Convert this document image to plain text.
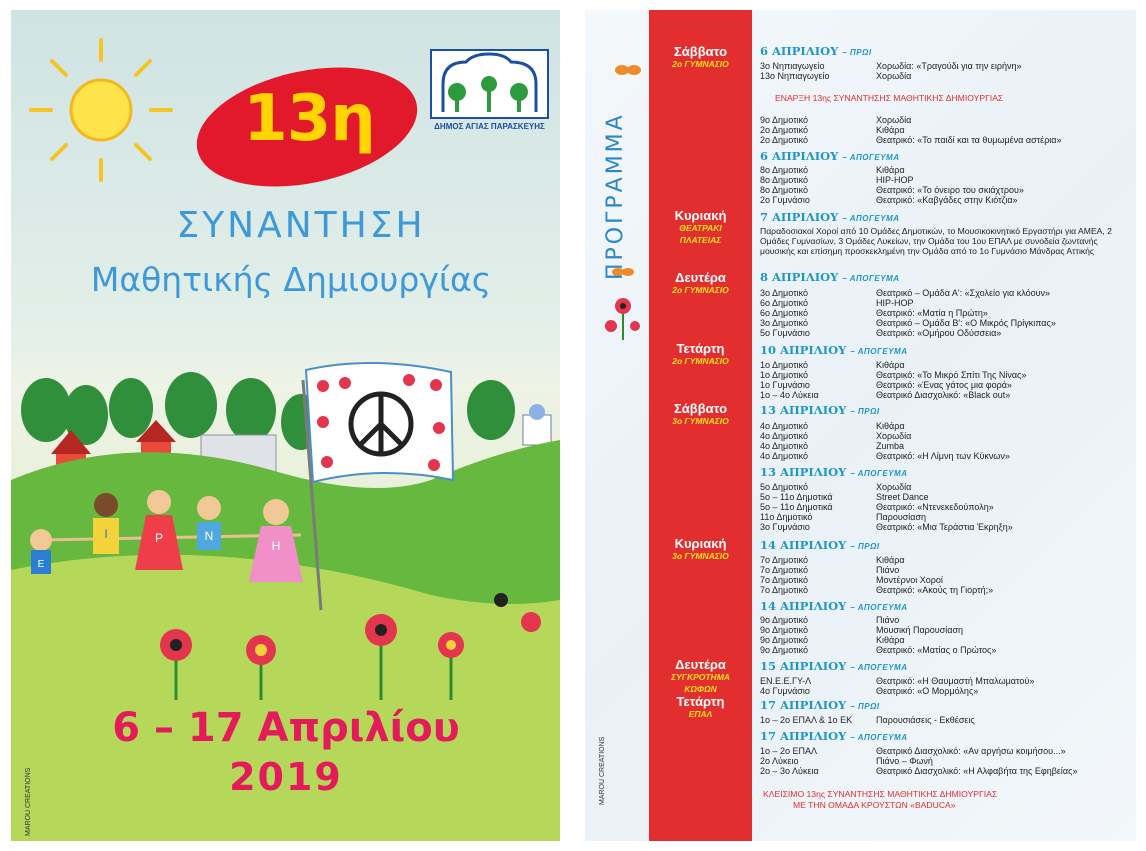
Ε
Ι	Ρ	Ν
Η
13η
ΣΥΝΑΝΤΗΣΗ
Μαθητικής Δημιουργίας
6 – 17 Απριλίου
2019
ΔΗΜΟΣ ΑΓΙΑΣ ΠΑΡΑΣΚΕΥΗΣ
MAROU CREATIONS
ΠΡΟΓΡΑΜΜΑ
MAROU CREATIONS
Σάββατο
2ο ΓΥΜΝΑΣΙΟ
Κυριακή
ΘΕΑΤΡΑΚΙ ΠΛΑΤΕΙΑΣ
Δευτέρα
2ο ΓΥΜΝΑΣΙΟ
Τετάρτη
2ο ΓΥΜΝΑΣΙΟ
Σάββατο
3ο ΓΥΜΝΑΣΙΟ
Κυριακή
3ο ΓΥΜΝΑΣΙΟ
Δευτέρα
ΣΥΓΚΡΟΤΗΜΑ ΚΩΦΩΝ
Τετάρτη
ΕΠΑΛ
6 ΑΠΡΙΛΙΟΥ – ΠΡΩΙ
3ο Νηπιαγωγείο	Χορωδία: «Τραγούδι για την ειρήνη»
13ο Νηπιαγωγείο	Χορωδία
ΕΝΑΡΞΗ 13ης ΣΥΝΑΝΤΗΣΗΣ ΜΑΘΗΤΙΚΗΣ ΔΗΜΙΟΥΡΓΙΑΣ
9ο Δημοτικό	Χορωδία
2ο Δημοτικό	Κιθάρα
2ο Δημοτικό	Θεατρικό: «Το παιδί και τα θυμωμένα αστέρια»
6 ΑΠΡΙΛΙΟΥ – ΑΠΟΓΕΥΜΑ
8ο Δημοτικό	Κιθάρα
8ο Δημοτικό	HIP-HOP
8ο Δημοτικό	Θεατρικό: «Το όνειρο του σκιάχτρου»
2ο Γυμνάσιο	Θεατρικό: «Καβγάδες στην Κιότζια»
7 ΑΠΡΙΛΙΟΥ – ΑΠΟΓΕΥΜΑ
Παραδοσιακοί Χοροί από 10 Ομάδες Δημοτικών, το Μουσικοκινητικό Εργαστήρι για ΑΜΕΑ, 2 Ομάδες Γυμνασίων, 3 Ομάδες Λυκείων, την Ομάδα του 1ου ΕΠΑΛ με συνοδεία ζωντανής μουσικής και επίσημη προσκεκλημένη την Ομάδα από το 1ο Γυμνάσιο Μάνδρας Αττικής
8 ΑΠΡΙΛΙΟΥ – ΑΠΟΓΕΥΜΑ
3ο Δημοτικό	Θεατρικό – Ομάδα Α': «Σχολείο για κλόουν»
6ο Δημοτικό	HIP-HOP
6ο Δημοτικό	Θεατρικό: «Ματία η Πρώτη»
3ο Δημοτικό	Θεατρικό – Ομάδα Β': «Ο Μικρός Πρίγκιπας»
5ο Γυμνάσιο	Θεατρικό: «Ομήρου Οδύσσεια»
10 ΑΠΡΙΛΙΟΥ – ΑΠΟΓΕΥΜΑ
1ο Δημοτικό	Κιθάρα
1ο Δημοτικό	Θεατρικό: «Το Μικρό Σπίτι Της Νίνας»
1ο Γυμνάσιο	Θεατρικό: «Ένας γάτος μια φορά»
1ο – 4ο Λύκεια	Θεατρικό Διασχολικό: «Black out»
13 ΑΠΡΙΛΙΟΥ – ΠΡΩΙ
4ο Δημοτικό	Κιθάρα
4ο Δημοτικό	Χορωδία
4ο Δημοτικό	Zumba
4ο Δημοτικό	Θεατρικό: «Η Λίμνη των Κύκνων»
13 ΑΠΡΙΛΙΟΥ – ΑΠΟΓΕΥΜΑ
5ο Δημοτικό	Χορωδία
5ο – 11ο Δημοτικά	Street Dance
5ο – 11ο Δημοτικά	Θεατρικό: «Ντενεκεδούπολη»
11ο Δημοτικό	Παρουσίαση
3ο Γυμνάσιο	Θεατρικό: «Μια Τεράστια Έκρηξη»
14 ΑΠΡΙΛΙΟΥ – ΠΡΩΙ
7ο Δημοτικό	Κιθάρα
7ο Δημοτικό	Πιάνο
7ο Δημοτικό	Μοντέρνοι Χοροί
7ο Δημοτικό	Θεατρικό: «Ακούς τη Γιορτή;»
14 ΑΠΡΙΛΙΟΥ – ΑΠΟΓΕΥΜΑ
9ο Δημοτικό	Πιάνο
9ο Δημοτικό	Μουσική Παρουσίαση
9ο Δημοτικό	Κιθάρα
9ο Δημοτικό	Θεατρικό: «Ματίας ο Πρώτος»
15 ΑΠΡΙΛΙΟΥ – ΑΠΟΓΕΥΜΑ
ΕΝ.Ε.Ε.ΓΥ-Λ	Θεατρικό: «Η Θαυμαστή Μπαλωματού»
4ο Γυμνάσιο	Θεατρικό: «Ο Μορμόλης»
17 ΑΠΡΙΛΙΟΥ – ΠΡΩΙ
1ο – 2ο ΕΠΑΛ & 1ο ΕΚ	Παρουσιάσεις - Εκθέσεις
17 ΑΠΡΙΛΙΟΥ – ΑΠΟΓΕΥΜΑ
1ο – 2ο ΕΠΑΛ	Θεατρικό Διασχολικό: «Αν αργήσω κοιμήσου...»
2ο Λύκειο	Πιάνο – Φωνή
2ο – 3ο Λύκεια	Θεατρικό Διασχολικό: «Η Αλφαβήτα της Εφηβείας»
ΚΛΕΙΣΙΜΟ 13ης ΣΥΝΑΝΤΗΣΗΣ ΜΑΘΗΤΙΚΗΣ ΔΗΜΙΟΥΡΓΙΑΣ
ΜΕ ΤΗΝ ΟΜΑΔΑ ΚΡΟΥΣΤΩΝ «BADUCA»
